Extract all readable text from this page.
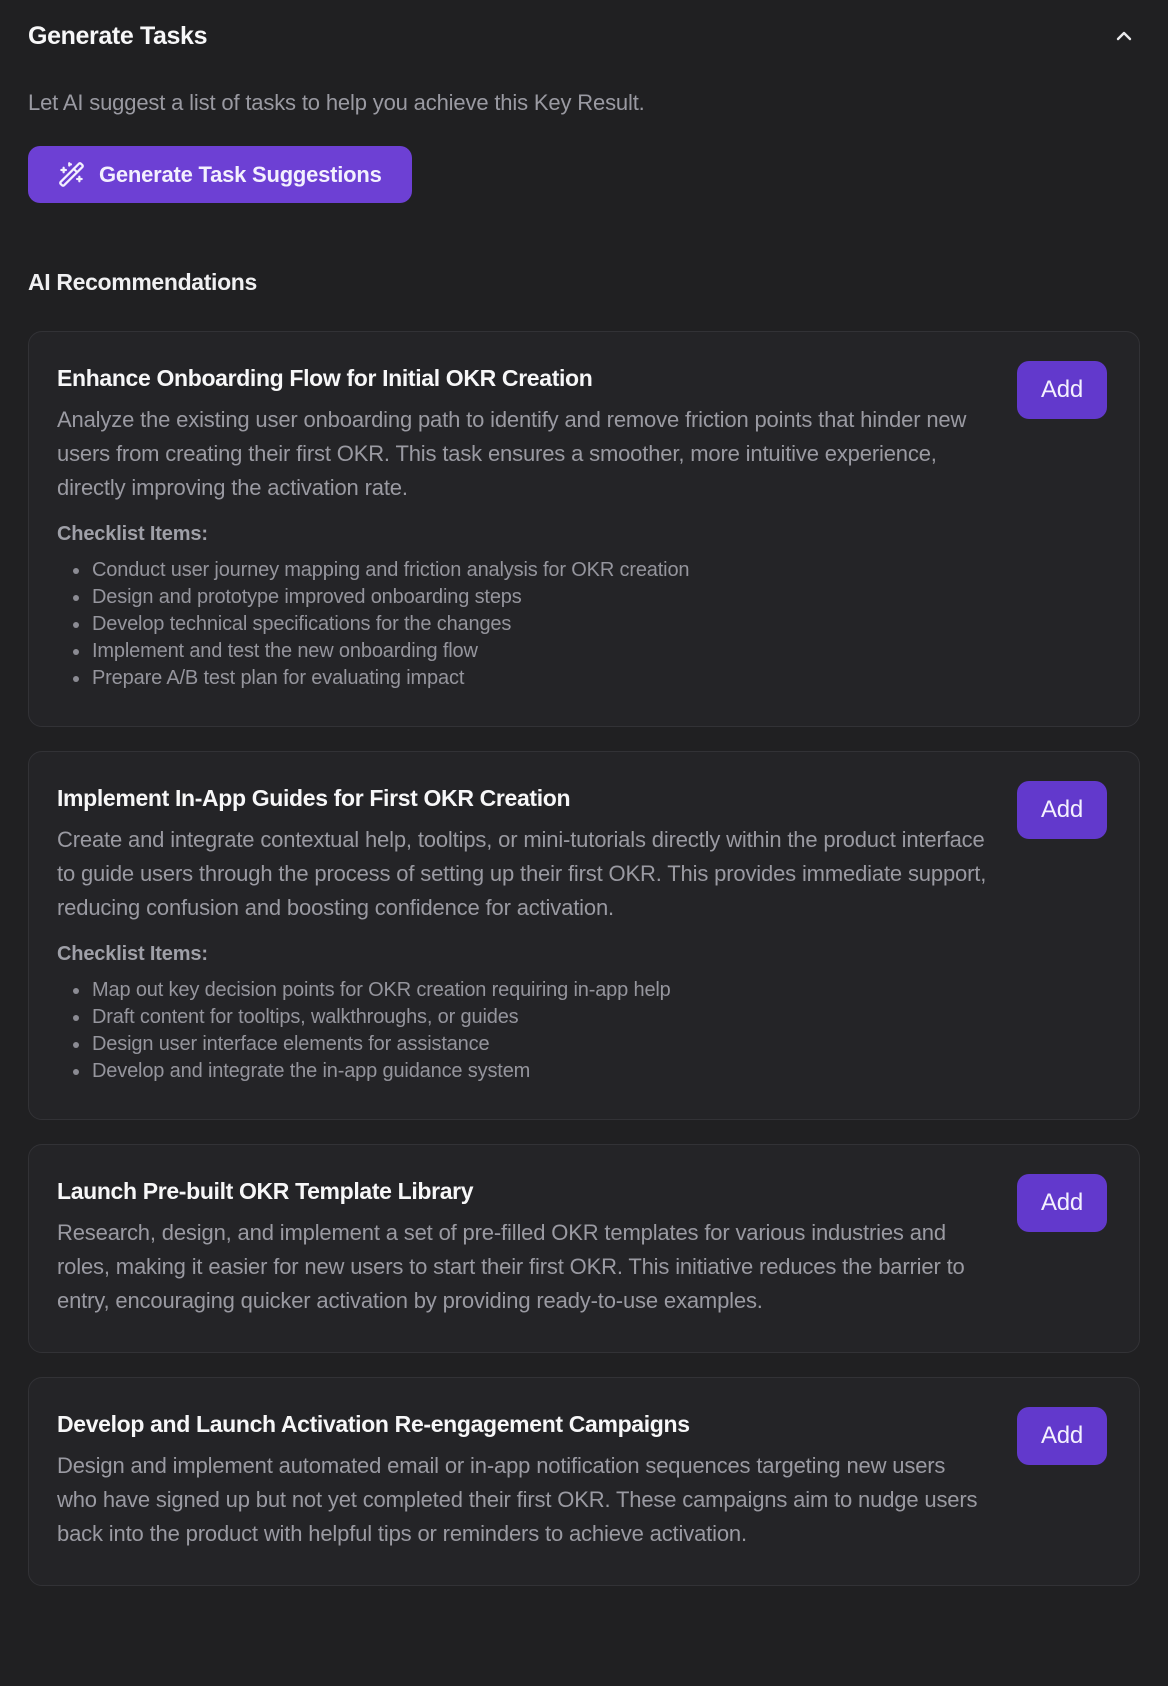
Generate Tasks
Let AI suggest a list of tasks to help you achieve this Key Result.
Generate Task Suggestions
AI Recommendations
Enhance Onboarding Flow for Initial OKR Creation
Analyze the existing user onboarding path to identify and remove friction points that hinder new users from creating their first OKR. This task ensures a smoother, more intuitive experience, directly improving the activation rate.
Checklist Items:
Conduct user journey mapping and friction analysis for OKR creation
Design and prototype improved onboarding steps
Develop technical specifications for the changes
Implement and test the new onboarding flow
Prepare A/B test plan for evaluating impact
Add
Implement In-App Guides for First OKR Creation
Create and integrate contextual help, tooltips, or mini-tutorials directly within the product interface to guide users through the process of setting up their first OKR. This provides immediate support, reducing confusion and boosting confidence for activation.
Checklist Items:
Map out key decision points for OKR creation requiring in-app help
Draft content for tooltips, walkthroughs, or guides
Design user interface elements for assistance
Develop and integrate the in-app guidance system
Add
Launch Pre-built OKR Template Library
Research, design, and implement a set of pre-filled OKR templates for various industries and roles, making it easier for new users to start their first OKR. This initiative reduces the barrier to entry, encouraging quicker activation by providing ready-to-use examples.
Add
Develop and Launch Activation Re-engagement Campaigns
Design and implement automated email or in-app notification sequences targeting new users who have signed up but not yet completed their first OKR. These campaigns aim to nudge users back into the product with helpful tips or reminders to achieve activation.
Add
